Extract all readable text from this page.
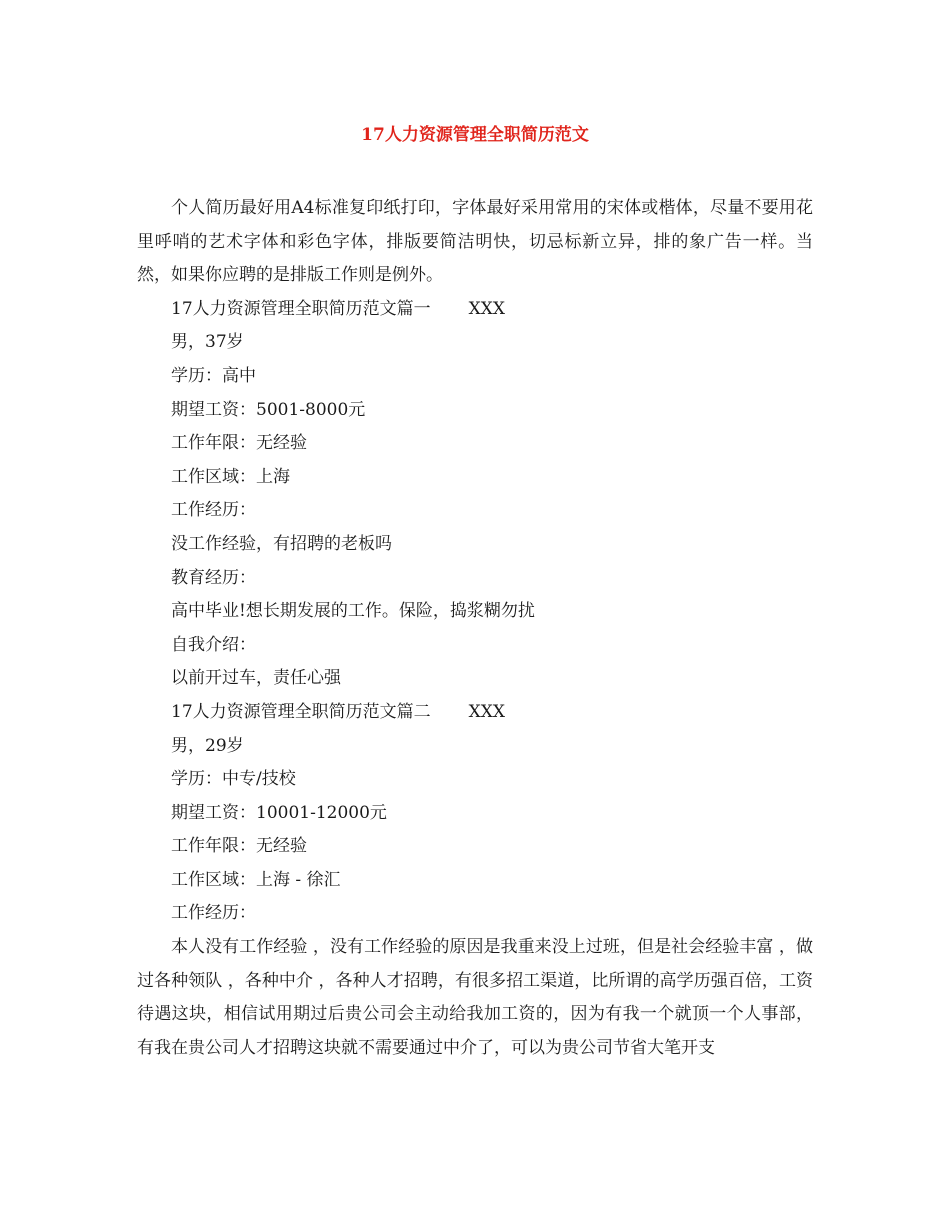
17人力资源管理全职简历范文

个人简历最好用A4标准复印纸打印，字体最好采用常用的宋体或楷体，尽量不要用花里呼哨的艺术字体和彩色字体，排版要简洁明快，切忌标新立异，排的象广告一样。当然，如果你应聘的是排版工作则是例外。

17人力资源管理全职简历范文篇一 XXX
男，37岁
学历：高中
期望工资：5001-8000元
工作年限：无经验
工作区域：上海
工作经历：
没工作经验，有招聘的老板吗
教育经历：
高中毕业!想长期发展的工作。保险，捣浆糊勿扰
自我介绍：
以前开过车，责任心强
17人力资源管理全职简历范文篇二 XXX
男，29岁
学历：中专/技校
期望工资：10001-12000元
工作年限：无经验
工作区域：上海 - 徐汇
工作经历：

本人没有工作经验 ，没有工作经验的原因是我重来没上过班，但是社会经验丰富 ，做过各种领队 ，各种中介 ，各种人才招聘，有很多招工渠道，比所谓的高学历强百倍，工资待遇这块，相信试用期过后贵公司会主动给我加工资的，因为有我一个就顶一个人事部，有我在贵公司人才招聘这块就不需要通过中介了，可以为贵公司节省大笔开支
